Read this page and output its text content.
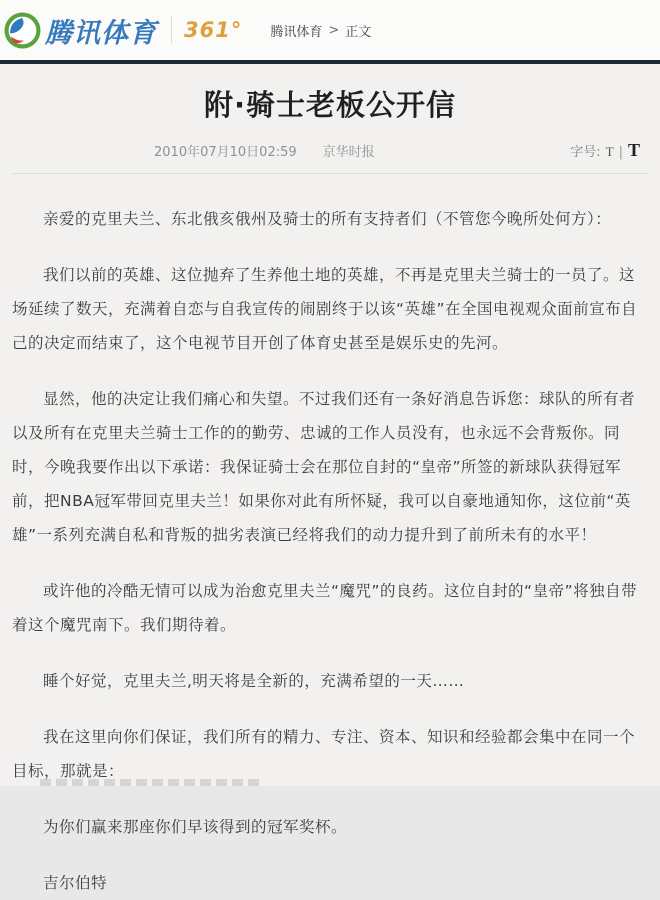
腾讯体育 361° 腾讯体育 > 正文
附·骑士老板公开信
2010年07月10日02:59 京华时报	字号: T | T

亲爱的克里夫兰、东北俄亥俄州及骑士的所有支持者们（不管您今晚所处何方）：

我们以前的英雄、这位抛弃了生养他土地的英雄，不再是克里夫兰骑士的一员了。这场延续了数天，充满着自恋与自我宣传的闹剧终于以该“英雄”在全国电视观众面前宣布自己的决定而结束了，这个电视节目开创了体育史甚至是娱乐史的先河。

显然，他的决定让我们痛心和失望。不过我们还有一条好消息告诉您：球队的所有者以及所有在克里夫兰骑士工作的的勤劳、忠诚的工作人员没有，也永远不会背叛你。同时，今晚我要作出以下承诺：我保证骑士会在那位自封的“皇帝”所签的新球队获得冠军前，把NBA冠军带回克里夫兰！如果你对此有所怀疑，我可以自豪地通知你，这位前“英雄”一系列充满自私和背叛的拙劣表演已经将我们的动力提升到了前所未有的水平！

或许他的冷酷无情可以成为治愈克里夫兰“魔咒”的良药。这位自封的“皇帝”将独自带着这个魔咒南下。我们期待着。

睡个好觉，克里夫兰,明天将是全新的，充满希望的一天……

我在这里向你们保证，我们所有的精力、专注、资本、知识和经验都会集中在同一个目标，那就是：

为你们赢来那座你们早该得到的冠军奖杯。

吉尔伯特
